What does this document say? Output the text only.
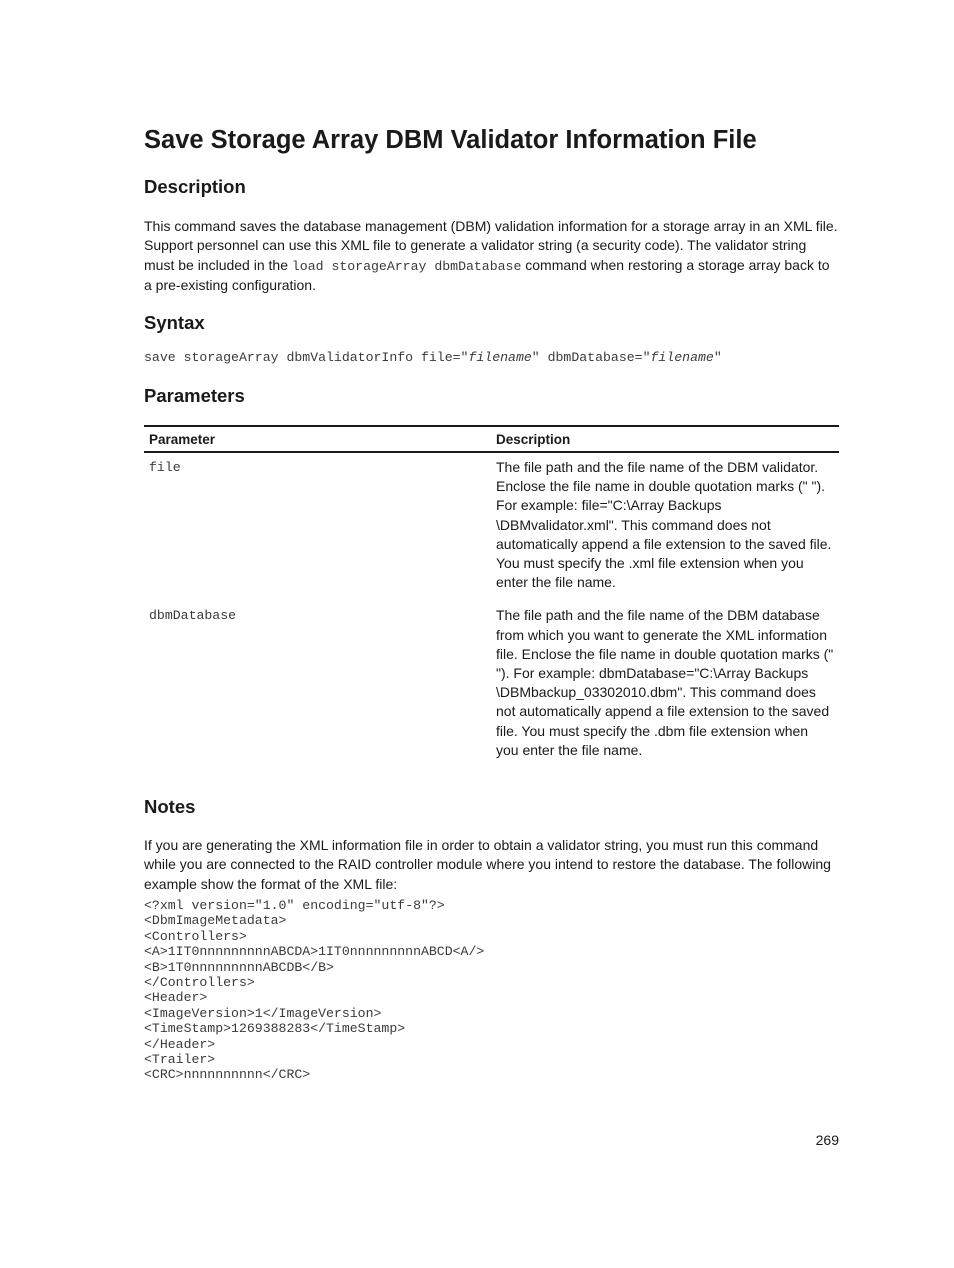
Save Storage Array DBM Validator Information File
Description

This command saves the database management (DBM) validation information for a storage array in an XML file. Support personnel can use this XML file to generate a validator string (a security code). The validator string must be included in the load storageArray dbmDatabase command when restoring a storage array back to a pre-existing configuration.

Syntax
save storageArray dbmValidatorInfo file="filename" dbmDatabase="filename"
Parameters
Parameter	Description
file	The file path and the file name of the DBM validator. Enclose the file name in double quotation marks (" "). For example: file="C:\Array Backups \DBMvalidator.xml". This command does not automatically append a file extension to the saved file. You must specify the .xml file extension when you enter the file name.
dbmDatabase	The file path and the file name of the DBM database from which you want to generate the XML information file. Enclose the file name in double quotation marks (" "). For example: dbmDatabase="C:\Array Backups \DBMbackup_03302010.dbm". This command does not automatically append a file extension to the saved file. You must specify the .dbm file extension when you enter the file name.
Notes

If you are generating the XML information file in order to obtain a validator string, you must run this command while you are connected to the RAID controller module where you intend to restore the database. The following example show the format of the XML file:

<?xml version="1.0" encoding="utf-8"?>
<DbmImageMetadata>
<Controllers>
<A>1IT0nnnnnnnnnABCDA>1IT0nnnnnnnnnABCD<A/>
<B>1T0nnnnnnnnnABCDB</B>
</Controllers>
<Header>
<ImageVersion>1</ImageVersion>
<TimeStamp>1269388283</TimeStamp>
</Header>
<Trailer>
<CRC>nnnnnnnnnn</CRC>
269
